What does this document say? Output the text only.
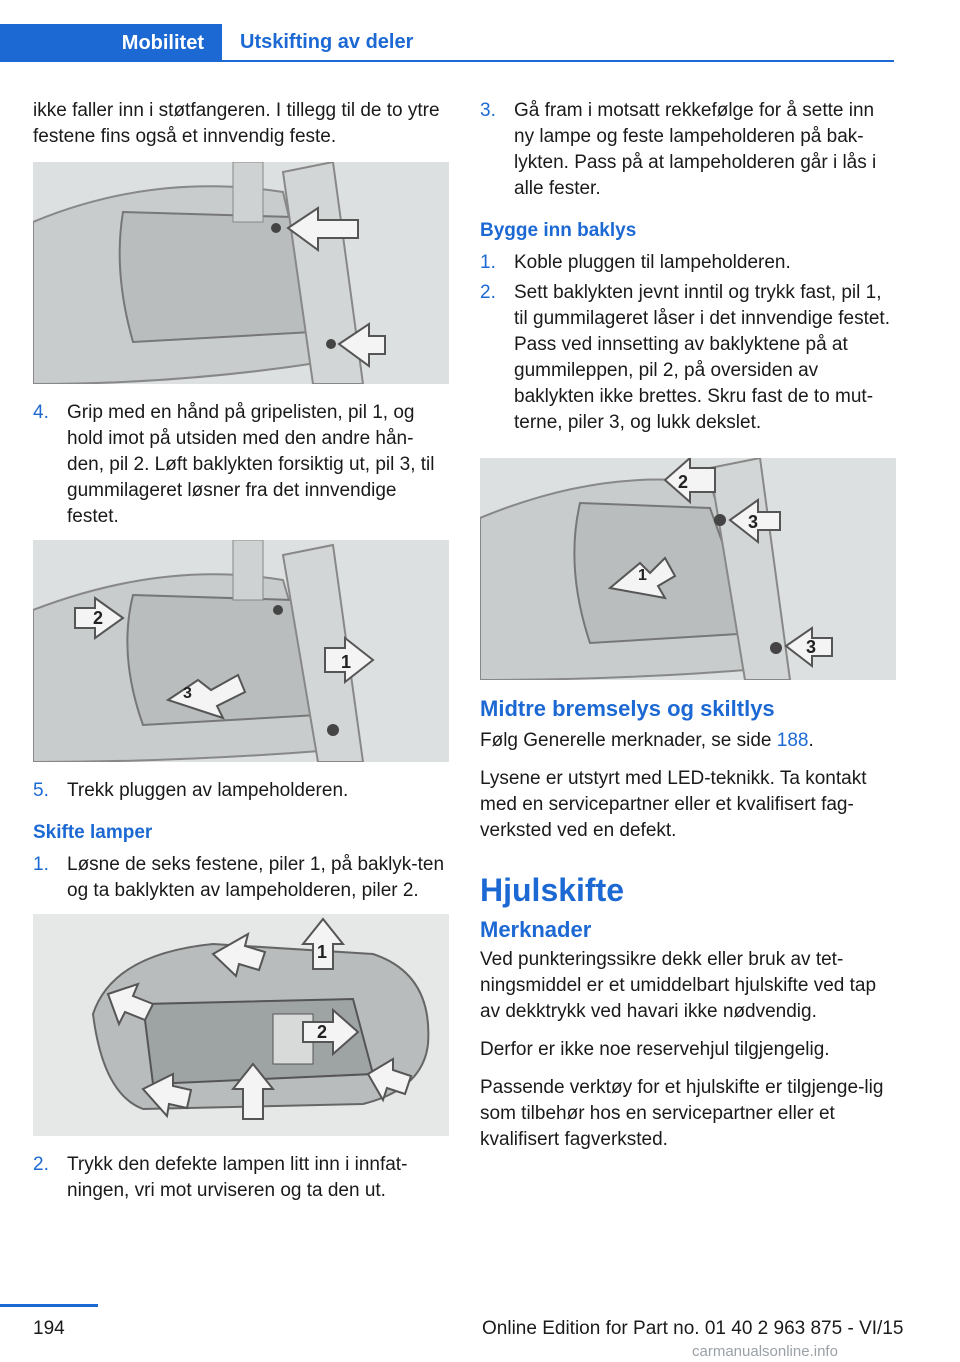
Mobilitet	Utskifting av deler

ikke faller inn i støtfangeren. I tillegg til de to ytre festene fins også et innvendig feste.

4. Grip med en hånd på gripelisten, pil 1, og hold imot på utsiden med den andre hån-den, pil 2. Løft baklykten forsiktig ut, pil 3, til gummilageret løsner fra det innvendige festet.
2
1
3
5. Trekk pluggen av lampeholderen.
Skifte lamper
1. Løsne de seks festene, piler 1, på baklyk-ten og ta baklykten av lampeholderen, piler 2.
1
2
2. Trykk den defekte lampen litt inn i innfat-ningen, vri mot urviseren og ta den ut.
3. Gå fram i motsatt rekkefølge for å sette inn ny lampe og feste lampeholderen på bak-lykten. Pass på at lampeholderen går i lås i alle fester.
Bygge inn baklys
1. Koble pluggen til lampeholderen.
2. Sett baklykten jevnt inntil og trykk fast, pil 1, til gummilageret låser i det innvendige festet. Pass ved innsetting av baklyktene på at gummileppen, pil 2, på oversiden av baklykten ikke brettes. Skru fast de to mut-terne, piler 3, og lukk dekslet.
2
3
3
1
Midtre bremselys og skiltlys

Følg Generelle merknader, se side 188.

Lysene er utstyrt med LED-teknikk. Ta kontakt med en servicepartner eller et kvalifisert fag-verksted ved en defekt.

Hjulskifte
Merknader

Ved punkteringssikre dekk eller bruk av tet-ningsmiddel er et umiddelbart hjulskifte ved tap av dekktrykk ved havari ikke nødvendig.

Derfor er ikke noe reservehjul tilgjengelig.

Passende verktøy for et hjulskifte er tilgjenge-lig som tilbehør hos en servicepartner eller et kvalifisert fagverksted.

194	Online Edition for Part no. 01 40 2 963 875 - VI/15
carmanualsonline.info
